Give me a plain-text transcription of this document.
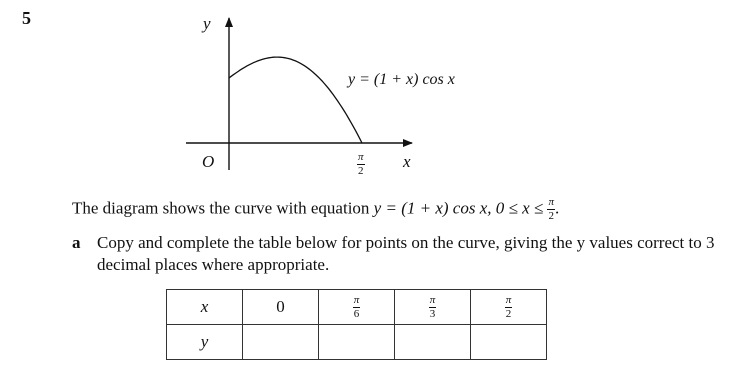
5	y
x
O
y = (1 + x) cos x
$\frac{\pi}{2}$
The diagram shows the curve with equation y = (1 + x) cos x, $0 \le x \le \frac{\pi}{2}$ .
a Copy and complete the table below for points on the curve, giving the y values correct to 3 decimal places where appropriate.
x	0	$\frac{\pi}{6}$	$\frac{\pi}{3}$	$\frac{\pi}{2}$

y				
